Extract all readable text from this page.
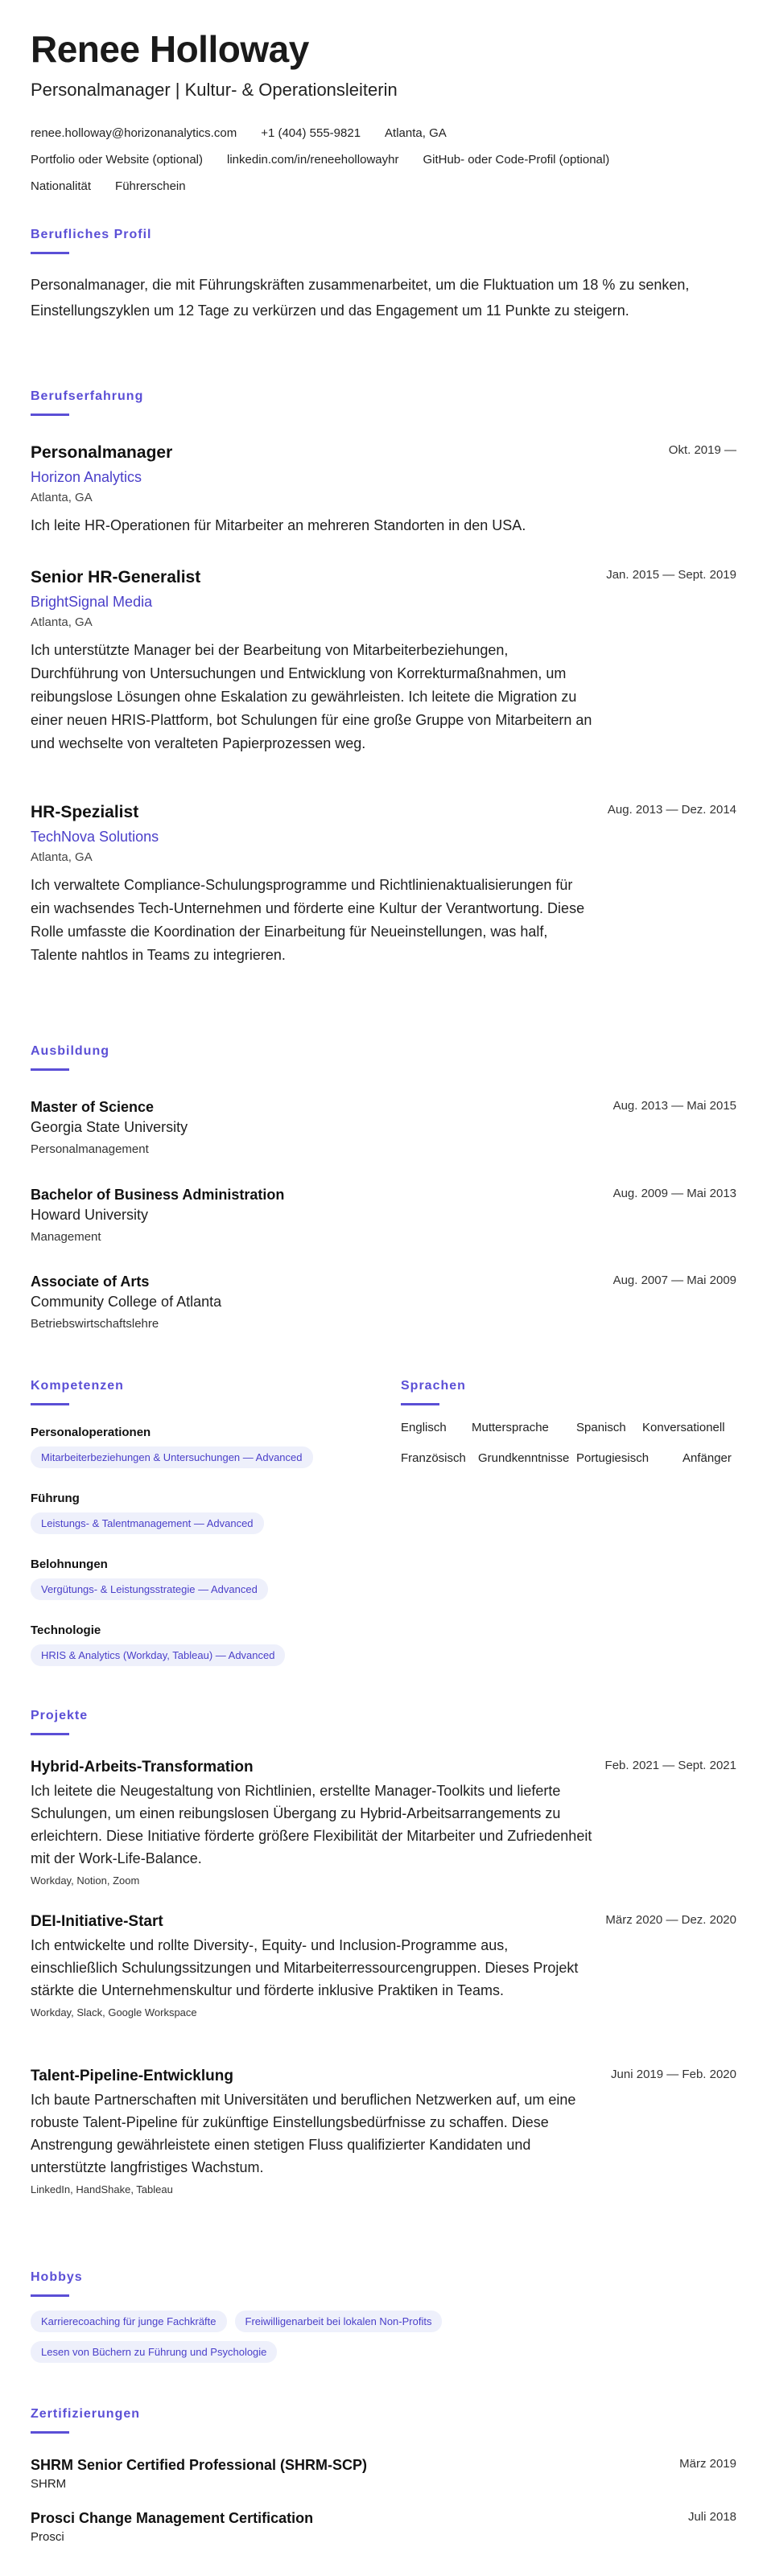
Renee Holloway
Personalmanager | Kultur- & Operationsleiterin
renee.holloway@horizonanalytics.com +1 (404) 555-9821 Atlanta, GA
Portfolio oder Website (optional) linkedin.com/in/reneehollowayhr GitHub- oder Code-Profil (optional)
Nationalität Führerschein
Berufliches Profil
Personalmanager, die mit Führungskräften zusammenarbeitet, um die Fluktuation um 18 % zu senken, Einstellungszyklen um 12 Tage zu verkürzen und das Engagement um 11 Punkte zu steigern.
Berufserfahrung
Personalmanager	Okt. 2019 —
Horizon Analytics
Atlanta, GA
Ich leite HR-Operationen für Mitarbeiter an mehreren Standorten in den USA.
Senior HR-Generalist	Jan. 2015 — Sept. 2019
BrightSignal Media
Atlanta, GA
Ich unterstützte Manager bei der Bearbeitung von Mitarbeiterbeziehungen, Durchführung von Untersuchungen und Entwicklung von Korrekturmaßnahmen, um reibungslose Lösungen ohne Eskalation zu gewährleisten. Ich leitete die Migration zu einer neuen HRIS-Plattform, bot Schulungen für eine große Gruppe von Mitarbeitern an und wechselte von veralteten Papierprozessen weg.
HR-Spezialist	Aug. 2013 — Dez. 2014
TechNova Solutions
Atlanta, GA
Ich verwaltete Compliance-Schulungsprogramme und Richtlinienaktualisierungen für ein wachsendes Tech-Unternehmen und förderte eine Kultur der Verantwortung. Diese Rolle umfasste die Koordination der Einarbeitung für Neueinstellungen, was half, Talente nahtlos in Teams zu integrieren.
Ausbildung
Master of Science	Aug. 2013 — Mai 2015
Georgia State University
Personalmanagement
Bachelor of Business Administration	Aug. 2009 — Mai 2013
Howard University
Management
Associate of Arts	Aug. 2007 — Mai 2009
Community College of Atlanta
Betriebswirtschaftslehre
Kompetenzen
Personaloperationen
Mitarbeiterbeziehungen & Untersuchungen — Advanced
Führung
Leistungs- & Talentmanagement — Advanced
Belohnungen
Vergütungs- & Leistungsstrategie — Advanced
Technologie
HRIS & Analytics (Workday, Tableau) — Advanced
Sprachen
Englisch Muttersprache Spanisch Konversationell
Französisch Grundkenntnisse Portugiesisch	Anfänger
Projekte
Hybrid-Arbeits-Transformation	Feb. 2021 — Sept. 2021
Ich leitete die Neugestaltung von Richtlinien, erstellte Manager-Toolkits und lieferte Schulungen, um einen reibungslosen Übergang zu Hybrid-Arbeitsarrangements zu erleichtern. Diese Initiative förderte größere Flexibilität der Mitarbeiter und Zufriedenheit mit der Work-Life-Balance.
Workday, Notion, Zoom
DEI-Initiative-Start	März 2020 — Dez. 2020
Ich entwickelte und rollte Diversity-, Equity- und Inclusion-Programme aus, einschließlich Schulungssitzungen und Mitarbeiterressourcengruppen. Dieses Projekt stärkte die Unternehmenskultur und förderte inklusive Praktiken in Teams.
Workday, Slack, Google Workspace
Talent-Pipeline-Entwicklung	Juni 2019 — Feb. 2020
Ich baute Partnerschaften mit Universitäten und beruflichen Netzwerken auf, um eine robuste Talent-Pipeline für zukünftige Einstellungsbedürfnisse zu schaffen. Diese Anstrengung gewährleistete einen stetigen Fluss qualifizierter Kandidaten und unterstützte langfristiges Wachstum.
LinkedIn, HandShake, Tableau
Hobbys
Karrierecoaching für junge Fachkräfte	Freiwilligenarbeit bei lokalen Non-Profits
Lesen von Büchern zu Führung und Psychologie
Zertifizierungen
SHRM Senior Certified Professional (SHRM-SCP)	März 2019
SHRM
Prosci Change Management Certification	Juli 2018
Prosci
